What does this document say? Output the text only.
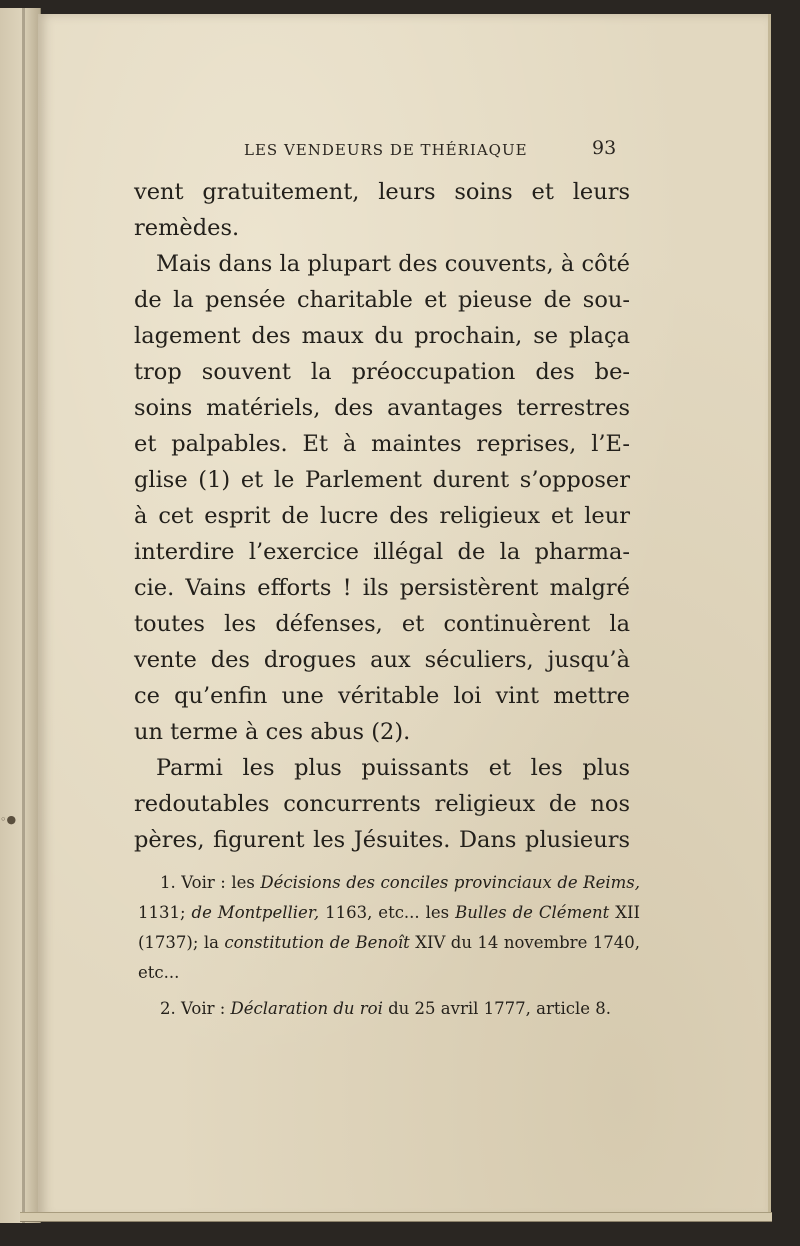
◦●
LES VENDEURS DE THÉRIAQUE	93
vent gratuitement, leurs soins et leurs
remèdes.
Mais dans la plupart des couvents, à côté
de la pensée charitable et pieuse de sou-
lagement des maux du prochain, se plaça
trop souvent la préoccupation des be-
soins matériels, des avantages terrestres
et palpables. Et à maintes reprises, l’E-
glise (1) et le Parlement durent s’opposer
à cet esprit de lucre des religieux et leur
interdire l’exercice illégal de la pharma-
cie. Vains efforts ! ils persistèrent malgré
toutes les défenses, et continuèrent la
vente des drogues aux séculiers, jusqu’à
ce qu’enfin une véritable loi vint mettre
un terme à ces abus (2).
Parmi les plus puissants et les plus
redoutables concurrents religieux de nos
pères, figurent les Jésuites. Dans plusieurs
1. Voir : les Décisions des conciles provinciaux de Reims,
1131; de Montpellier, 1163, etc... les Bulles de Clément XII
(1737); la constitution de Benoît XIV du 14 novembre 1740,
etc...
2. Voir : Déclaration du roi du 25 avril 1777, article 8.
